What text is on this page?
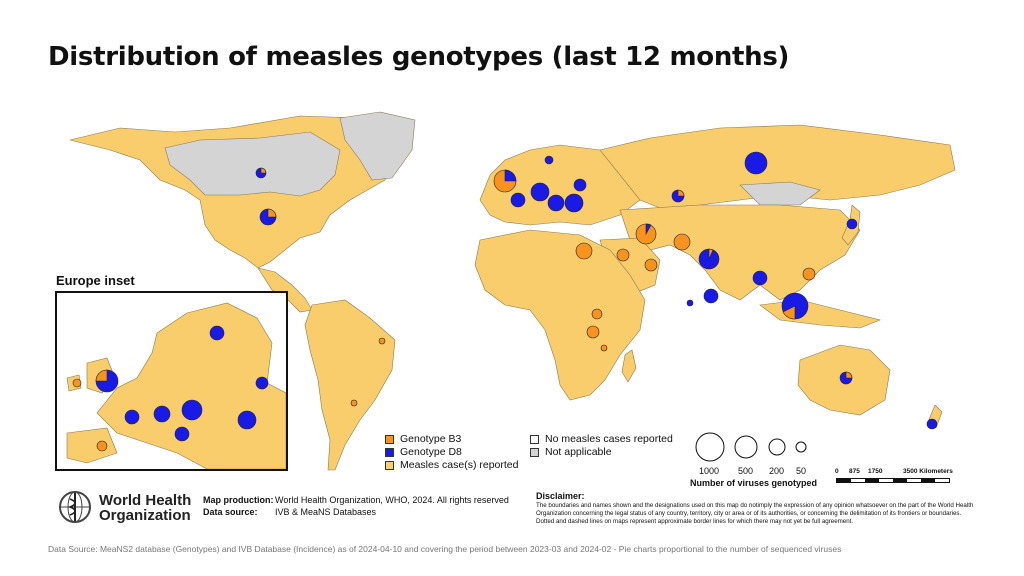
Distribution of measles genotypes (last 12 months)
Europe inset
Genotype B3
Genotype D8
Measles case(s) reported
No measles cases reported
Not applicable
1000 500 200 50
Number of viruses genotyped
0 875 1750	3500 Kilometers
World Health
Organization
Map production: World Health Organization, WHO, 2024. All rights reserved
Data source: IVB & MeaNS Databases
Disclaimer:
The boundaries and names shown and the designations used on this map do notimply the expression of any opinion whatsoever on the part of the World Health Organization concerning the legal status of any country, territory, city or area or of its authorities, or concerning the delimitation of its frontiers or boundaries. Dotted and dashed lines on maps represent approximate border lines for which there may not yet be full agreement.
Data Source: MeaNS2 database (Genotypes) and IVB Database (Incidence) as of 2024-04-10 and covering the period between 2023-03 and 2024-02 - Pie charts proportional to the number of sequenced viruses
